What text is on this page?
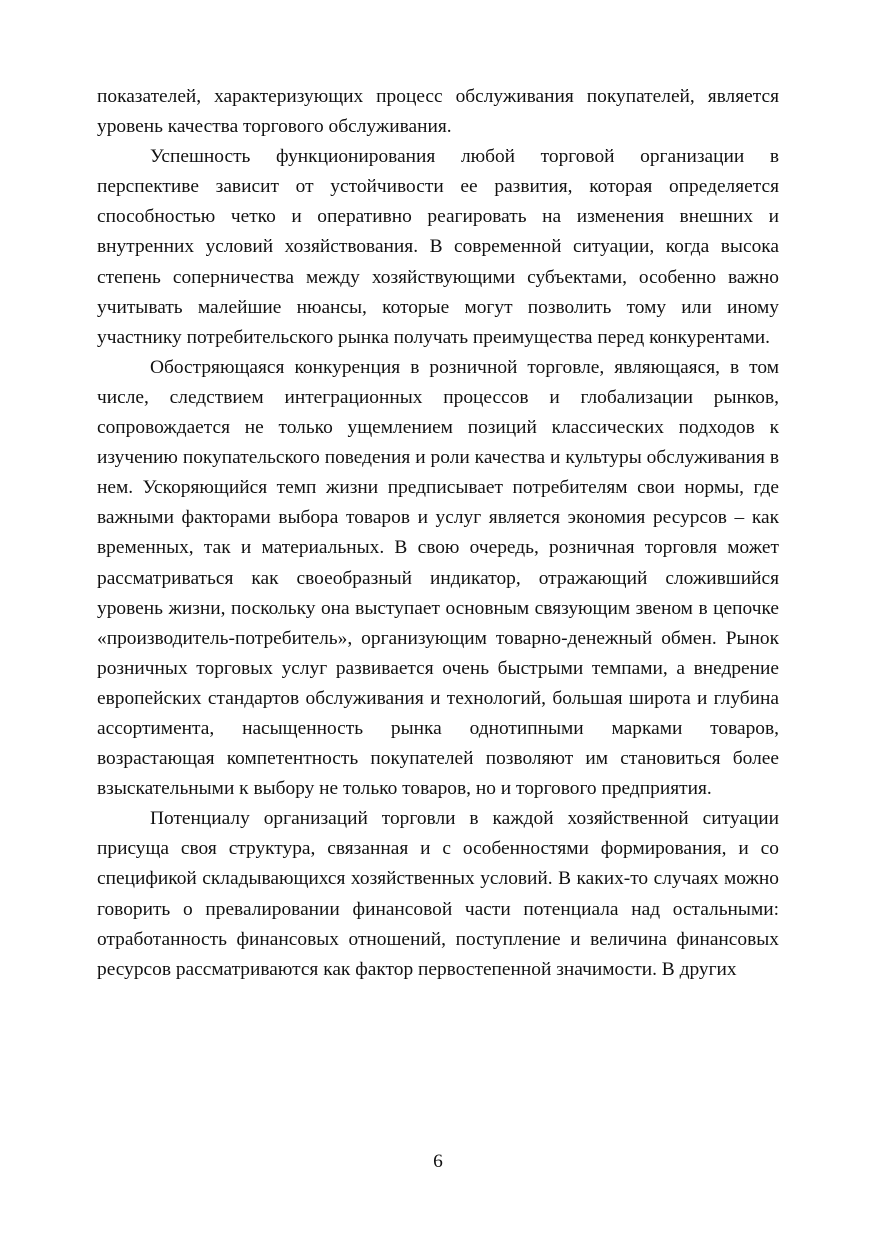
показателей, характеризующих процесс обслуживания покупателей, является уровень качества торгового обслуживания.

Успешность функционирования любой торговой организации в перспективе зависит от устойчивости ее развития, которая определяется способностью четко и оперативно реагировать на изменения внешних и внутренних условий хозяйствования. В современной ситуации, когда высока степень соперничества между хозяйствующими субъектами, особенно важно учитывать малейшие нюансы, которые могут позволить тому или иному участнику потребительского рынка получать преимущества перед конкурентами.

Обостряющаяся конкуренция в розничной торговле, являющаяся, в том числе, следствием интеграционных процессов и глобализации рынков, сопровождается не только ущемлением позиций классических подходов к изучению покупательского поведения и роли качества и культуры обслуживания в нем. Ускоряющийся темп жизни предписывает потребителям свои нормы, где важными факторами выбора товаров и услуг является экономия ресурсов – как временных, так и материальных. В свою очередь, розничная торговля может рассматриваться как своеобразный индикатор, отражающий сложившийся уровень жизни, поскольку она выступает основным связующим звеном в цепочке «производитель-потребитель», организующим товарно-денежный обмен. Рынок розничных торговых услуг развивается очень быстрыми темпами, а внедрение европейских стандартов обслуживания и технологий, большая широта и глубина ассортимента, насыщенность рынка однотипными марками товаров, возрастающая компетентность покупателей позволяют им становиться более взыскательными к выбору не только товаров, но и торгового предприятия.

Потенциалу организаций торговли в каждой хозяйственной ситуации присуща своя структура, связанная и с особенностями формирования, и со спецификой складывающихся хозяйственных условий. В каких-то случаях можно говорить о превалировании финансовой части потенциала над остальными: отработанность финансовых отношений, поступление и величина финансовых ресурсов рассматриваются как фактор первостепенной значимости. В других

6
